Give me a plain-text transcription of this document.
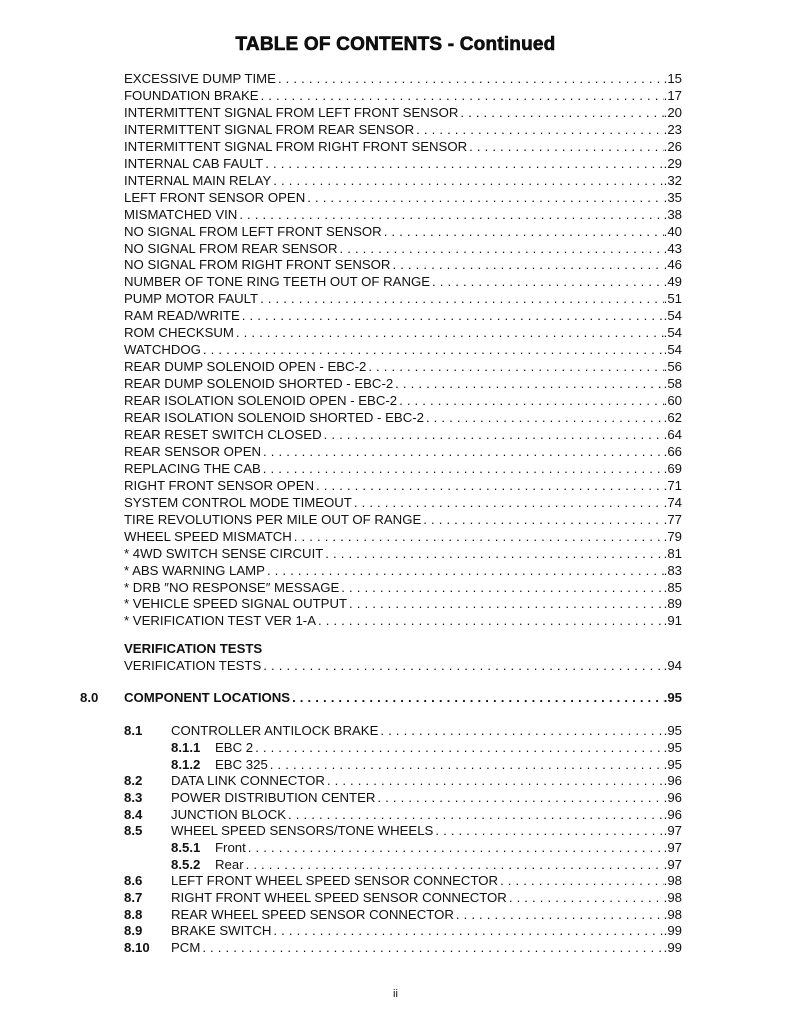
TABLE OF CONTENTS - Continued
EXCESSIVE DUMP TIME . . .	.15
FOUNDATION BRAKE . . .	.17
INTERMITTENT SIGNAL FROM LEFT FRONT SENSOR . . .	.20
INTERMITTENT SIGNAL FROM REAR SENSOR . . .	.23
INTERMITTENT SIGNAL FROM RIGHT FRONT SENSOR . . .	.26
INTERNAL CAB FAULT . . .	.29
INTERNAL MAIN RELAY . . .	.32
LEFT FRONT SENSOR OPEN . . .	.35
MISMATCHED VIN . . .	.38
NO SIGNAL FROM LEFT FRONT SENSOR . . .	.40
NO SIGNAL FROM REAR SENSOR . . .	.43
NO SIGNAL FROM RIGHT FRONT SENSOR . . .	.46
NUMBER OF TONE RING TEETH OUT OF RANGE . . .	.49
PUMP MOTOR FAULT . . .	.51
RAM READ/WRITE . . .	.54
ROM CHECKSUM . . .	.54
WATCHDOG . . .	.54
REAR DUMP SOLENOID OPEN - EBC-2 . . .	.56
REAR DUMP SOLENOID SHORTED - EBC-2 . . .	.58
REAR ISOLATION SOLENOID OPEN - EBC-2 . . .	.60
REAR ISOLATION SOLENOID SHORTED - EBC-2 . . .	.62
REAR RESET SWITCH CLOSED . . .	.64
REAR SENSOR OPEN . . .	.66
REPLACING THE CAB . . .	.69
RIGHT FRONT SENSOR OPEN . . .	.71
SYSTEM CONTROL MODE TIMEOUT . . .	.74
TIRE REVOLUTIONS PER MILE OUT OF RANGE . . .	.77
WHEEL SPEED MISMATCH . . .	.79
* 4WD SWITCH SENSE CIRCUIT . . .	.81
* ABS WARNING LAMP . . .	.83
* DRB ″NO RESPONSE″ MESSAGE . . .	.85
* VEHICLE SPEED SIGNAL OUTPUT . . .	.89
* VERIFICATION TEST VER 1-A . . .	.91
VERIFICATION TESTS
VERIFICATION TESTS . . .	.94
8.0	COMPONENT LOCATIONS . . .	.95
8.1	CONTROLLER ANTILOCK BRAKE . . .	.95
8.1.1	EBC 2 . . .	.95
8.1.2	EBC 325 . . .	.95
8.2	DATA LINK CONNECTOR . . .	.96
8.3	POWER DISTRIBUTION CENTER . . .	.96
8.4	JUNCTION BLOCK . . .	.96
8.5	WHEEL SPEED SENSORS/TONE WHEELS . . .	.97
8.5.1	Front . . .	.97
8.5.2	Rear . . .	.97
8.6	LEFT FRONT WHEEL SPEED SENSOR CONNECTOR . . .	.98
8.7	RIGHT FRONT WHEEL SPEED SENSOR CONNECTOR . . .	.98
8.8	REAR WHEEL SPEED SENSOR CONNECTOR . . .	.98
8.9	BRAKE SWITCH . . .	.99
8.10	PCM . . .	.99
ii
